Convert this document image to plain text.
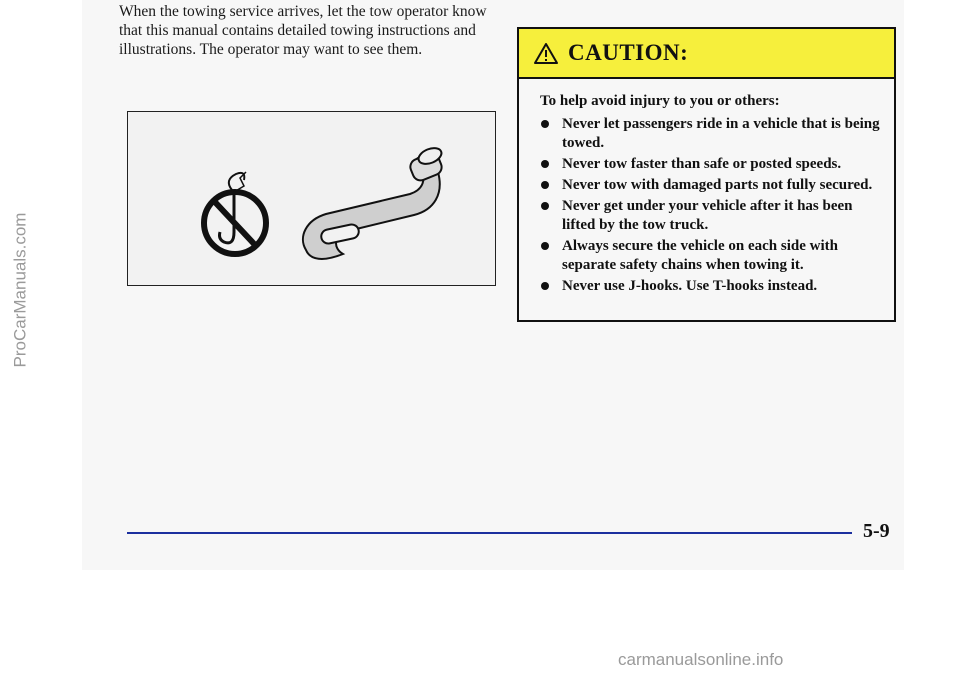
When the towing service arrives, let the tow operator know that this manual contains detailed towing instructions and illustrations. The operator may want to see them.	CAUTION:

To help avoid injury to you or others:

Never let passengers ride in a vehicle that is being towed.
Never tow faster than safe or posted speeds.
Never tow with damaged parts not fully secured.
Never get under your vehicle after it has been lifted by the tow truck.
Always secure the vehicle on each side with separate safety chains when towing it.
Never use J-hooks. Use T-hooks instead.
5-9
ProCarManuals.com
carmanualsonline.info
